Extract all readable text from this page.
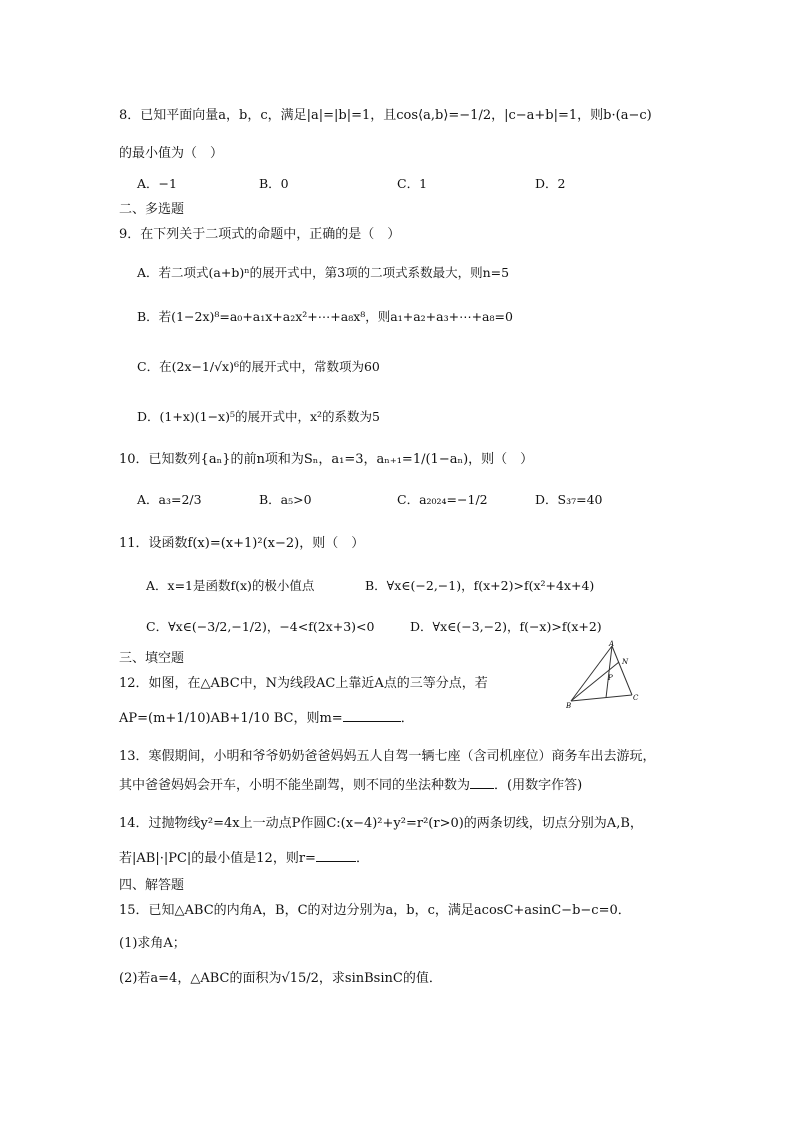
8．已知平面向量a，b，c，满足|a|=|b|=1，且cos⟨a,b⟩=−1/2，|c−a+b|=1，则b·(a−c)
的最小值为（　）
A．−1	B．0	C．1	D．2
二、多选题
9．在下列关于二项式的命题中，正确的是（　）
A．若二项式(a+b)ⁿ的展开式中，第3项的二项式系数最大，则n=5
B．若(1−2x)⁸=a₀+a₁x+a₂x²+⋯+a₈x⁸，则a₁+a₂+a₃+⋯+a₈=0
C．在(2x−1/√x)⁶的展开式中，常数项为60
D．(1+x)(1−x)⁵的展开式中，x²的系数为5
10．已知数列{aₙ}的前n项和为Sₙ，a₁=3，aₙ₊₁=1/(1−aₙ)，则（　）
A．a₃=2/3	B．a₅>0	C．a₂₀₂₄=−1/2	D．S₃₇=40
11．设函数f(x)=(x+1)²(x−2)，则（　）
A．x=1是函数f(x)的极小值点	B．∀x∈(−2,−1)，f(x+2)>f(x²+4x+4)
C．∀x∈(−3/2,−1/2)，−4<f(2x+3)<0	D．∀x∈(−3,−2)，f(−x)>f(x+2)
三、填空题
12．如图，在△ABC中，N为线段AC上靠近A点的三等分点，若
AP=(m+1/10)AB+1/10 BC，则m=	．
A
N
P
B
C
13．寒假期间，小明和爷爷奶奶爸爸妈妈五人自驾一辆七座（含司机座位）商务车出去游玩，
其中爸爸妈妈会开车，小明不能坐副驾，则不同的坐法种数为 ．(用数字作答)
14．过抛物线y²=4x上一动点P作圆C:(x−4)²+y²=r²(r>0)的两条切线，切点分别为A,B，
若|AB|·|PC|的最小值是12，则r=	．
四、解答题
15．已知△ABC的内角A，B，C的对边分别为a，b，c，满足acosC+asinC−b−c=0．
(1)求角A；
(2)若a=4，△ABC的面积为√15/2，求sinBsinC的值．
